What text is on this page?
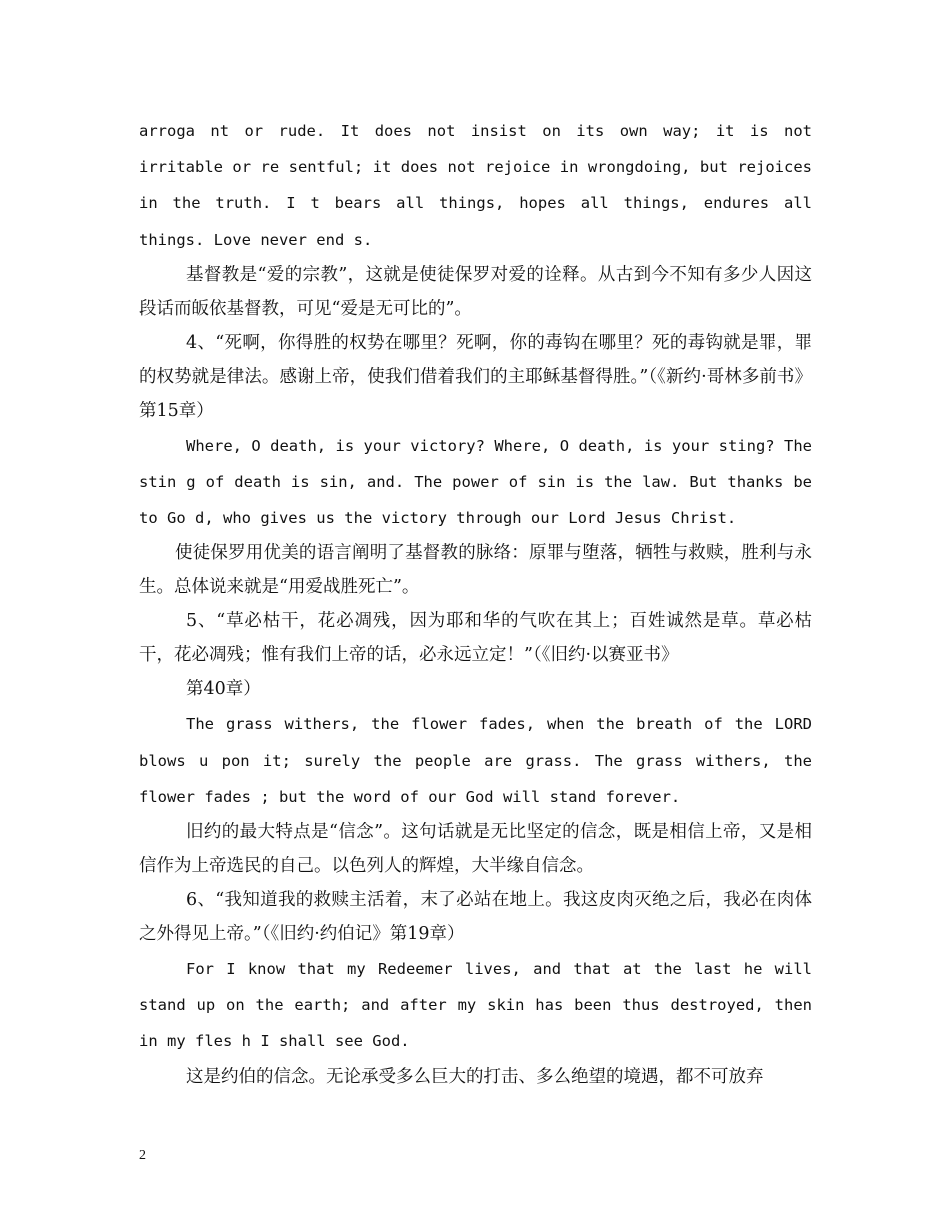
arroga nt or rude. It does not insist on its own way; it is not irritable or re sentful; it does not rejoice in wrongdoing, but rejoices in the truth. I t bears all things, hopes all things, endures all things. Love never end s.

基督教是“爱的宗教”，这就是使徒保罗对爱的诠释。从古到今不知有多少人因这段话而皈依基督教，可见“爱是无可比的”。

4、“死啊，你得胜的权势在哪里？死啊，你的毒钩在哪里？死的毒钩就是罪，罪的权势就是律法。感谢上帝，使我们借着我们的主耶稣基督得胜。”（《新约·哥林多前书》第15章）

Where, O death, is your victory? Where, O death, is your sting? The stin g of death is sin, and. The power of sin is the law. But thanks be to Go d, who gives us the victory through our Lord Jesus Christ.

使徒保罗用优美的语言阐明了基督教的脉络：原罪与堕落，牺牲与救赎，胜利与永生。总体说来就是“用爱战胜死亡”。

5、“草必枯干，花必凋残，因为耶和华的气吹在其上；百姓诚然是草。草必枯干，花必凋残；惟有我们上帝的话，必永远立定！”（《旧约·以赛亚书》

第40章）

The grass withers, the flower fades, when the breath of the LORD blows u pon it; surely the people are grass. The grass withers, the flower fades ; but the word of our God will stand forever.

旧约的最大特点是“信念”。这句话就是无比坚定的信念，既是相信上帝，又是相信作为上帝选民的自己。以色列人的辉煌，大半缘自信念。

6、“我知道我的救赎主活着，末了必站在地上。我这皮肉灭绝之后，我必在肉体之外得见上帝。”（《旧约·约伯记》第19章）

For I know that my Redeemer lives, and that at the last he will stand up on the earth; and after my skin has been thus destroyed, then in my fles h I shall see God.

这是约伯的信念。无论承受多么巨大的打击、多么绝望的境遇，都不可放弃

2
